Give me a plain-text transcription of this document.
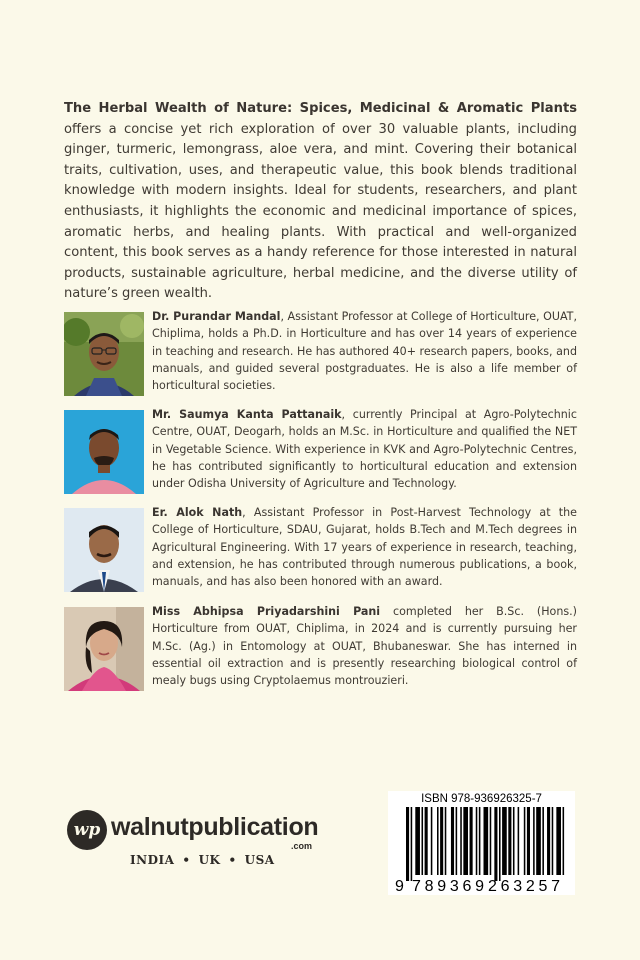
The Herbal Wealth of Nature: Spices, Medicinal & Aromatic Plants offers a concise yet rich exploration of over 30 valuable plants, including ginger, turmeric, lemongrass, aloe vera, and mint. Covering their botanical traits, cultivation, uses, and therapeutic value, this book blends traditional knowledge with modern insights. Ideal for students, researchers, and plant enthusiasts, it highlights the economic and medicinal importance of spices, aromatic herbs, and healing plants. With practical and well-organized content, this book serves as a handy reference for those interested in natural products, sustainable agriculture, herbal medicine, and the diverse utility of nature’s green wealth.

Dr. Purandar Mandal, Assistant Professor at College of Horticulture, OUAT, Chiplima, holds a Ph.D. in Horticulture and has over 14 years of experience in teaching and research. He has authored 40+ research papers, books, and manuals, and guided several postgraduates. He is also a life member of horticultural societies.

Mr. Saumya Kanta Pattanaik, currently Principal at Agro-Polytechnic Centre, OUAT, Deogarh, holds an M.Sc. in Horticulture and qualified the NET in Vegetable Science. With experience in KVK and Agro-Polytechnic Centres, he has contributed significantly to horticultural education and extension under Odisha University of Agriculture and Technology.

Er. Alok Nath, Assistant Professor in Post-Harvest Technology at the College of Horticulture, SDAU, Gujarat, holds B.Tech and M.Tech degrees in Agricultural Engineering. With 17 years of experience in research, teaching, and extension, he has contributed through numerous publications, a book, manuals, and has also been honored with an award.

Miss Abhipsa Priyadarshini Pani completed her B.Sc. (Hons.) Horticulture from OUAT, Chiplima, in 2024 and is currently pursuing her M.Sc. (Ag.) in Entomology at OUAT, Bhubaneswar. She has interned in essential oil extraction and is presently researching biological control of mealy bugs using Cryptolaemus montrouzieri.

wp walnutpublication
.com
INDIA • UK • USA
ISBN 978-936926325-7
9 789369 263257
